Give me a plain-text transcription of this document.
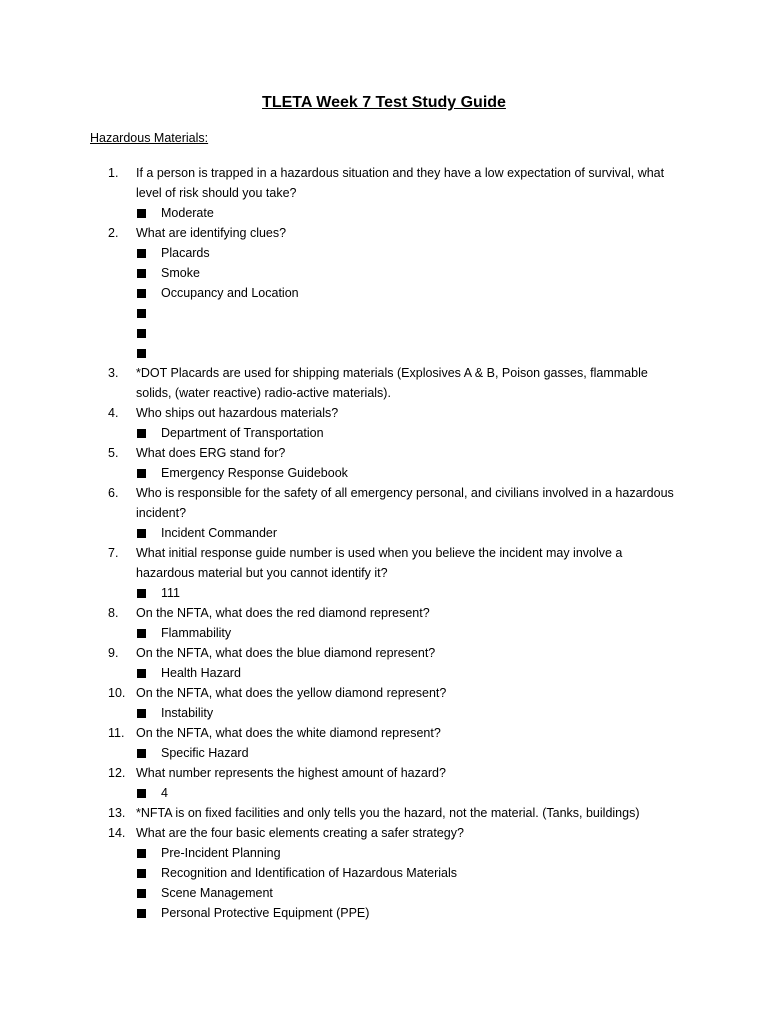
TLETA Week 7 Test Study Guide
Hazardous Materials:
1.	If a person is trapped in a hazardous situation and they have a low expectation of survival, what level of risk should you take?
Moderate
2.	What are identifying clues?
Placards
Smoke
Occupancy and Location
3.	*DOT Placards are used for shipping materials (Explosives A & B, Poison gasses, flammable solids, (water reactive) radio-active materials).
4.	Who ships out hazardous materials?
Department of Transportation
5.	What does ERG stand for?
Emergency Response Guidebook
6.	Who is responsible for the safety of all emergency personal, and civilians involved in a hazardous incident?
Incident Commander
7.	What initial response guide number is used when you believe the incident may involve a hazardous material but you cannot identify it?
111
8.	On the NFTA, what does the red diamond represent?
Flammability
9.	On the NFTA, what does the blue diamond represent?
Health Hazard
10. On the NFTA, what does the yellow diamond represent?
Instability
11. On the NFTA, what does the white diamond represent?
Specific Hazard
12. What number represents the highest amount of hazard?
4
13. *NFTA is on fixed facilities and only tells you the hazard, not the material. (Tanks, buildings)
14. What are the four basic elements creating a safer strategy?
Pre-Incident Planning
Recognition and Identification of Hazardous Materials
Scene Management
Personal Protective Equipment (PPE)
